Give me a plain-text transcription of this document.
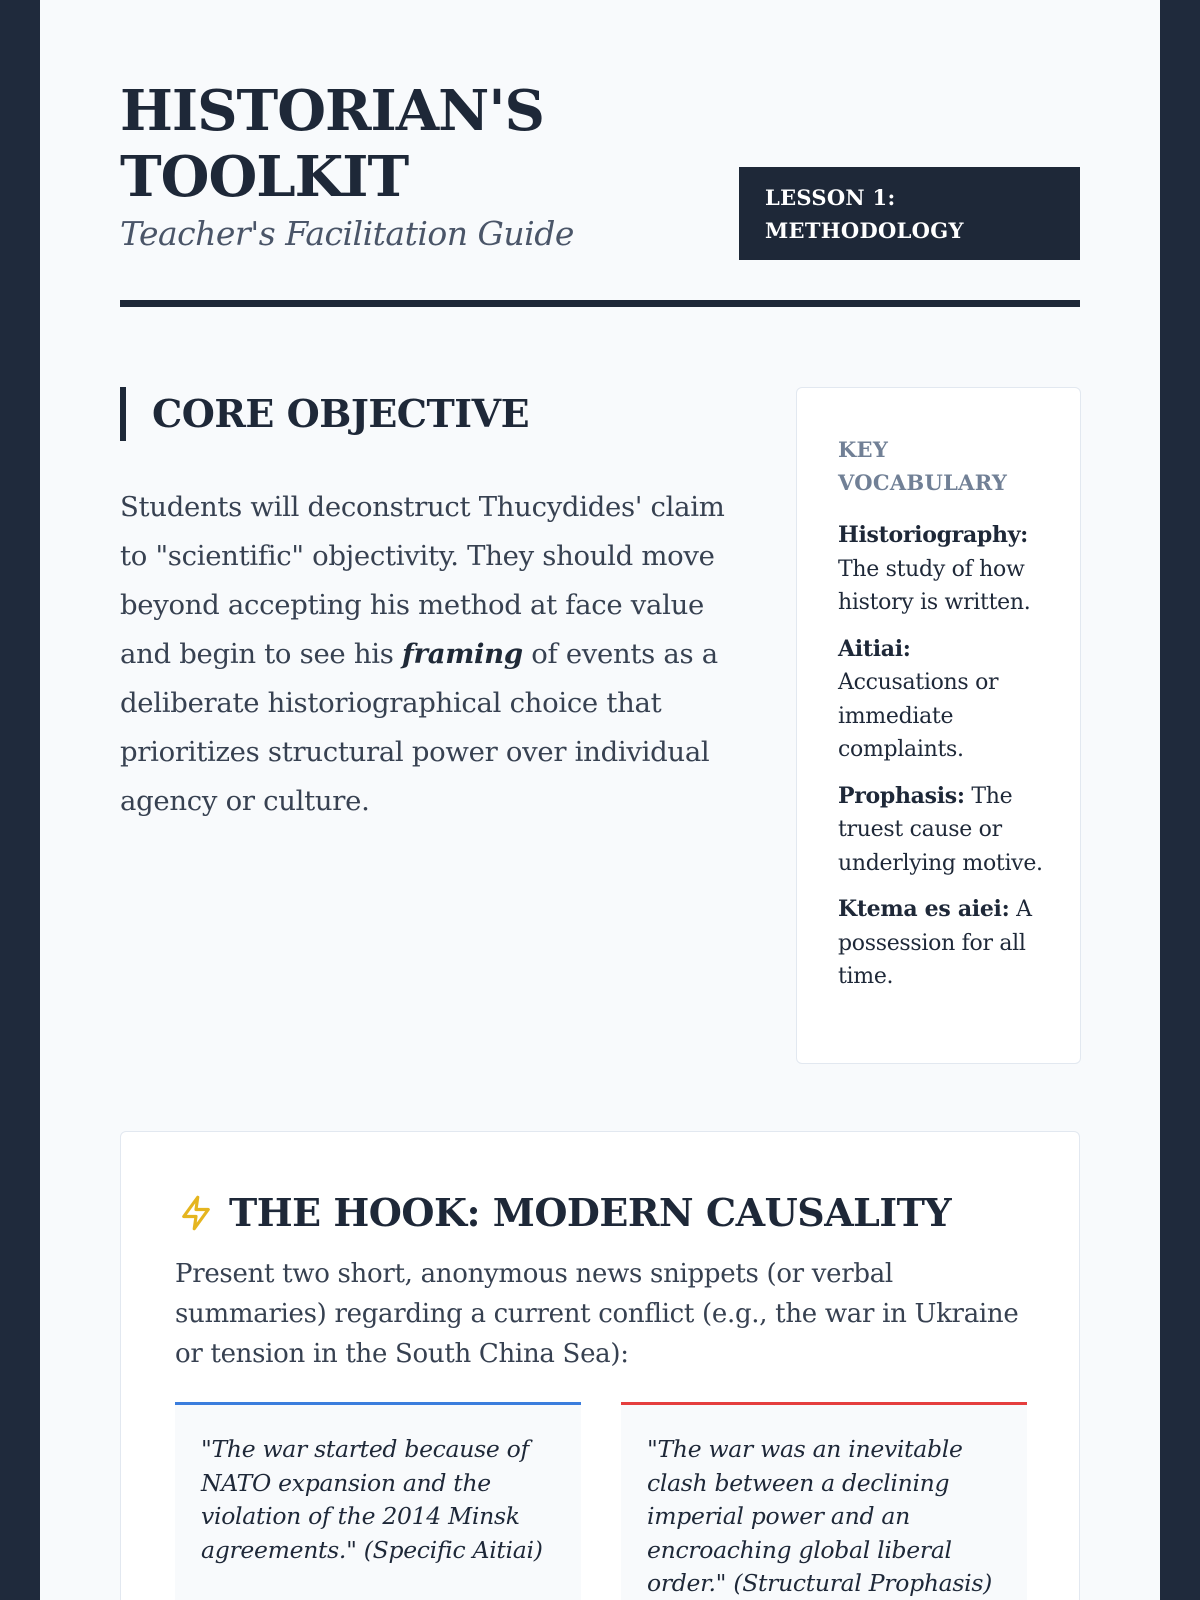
HISTORIAN'S TOOLKIT
Teacher's Facilitation Guide
LESSON 1: METHODOLOGY
CORE OBJECTIVE

Students will deconstruct Thucydides' claim to "scientific" objectivity. They should move beyond accepting his method at face value and begin to see his framing of events as a deliberate historiographical choice that prioritizes structural power over individual agency or culture.

KEY VOCABULARY
Historiography: The study of how history is written.
Aitiai: Accusations or immediate complaints.
Prophasis: The truest cause or underlying motive.
Ktema es aiei: A possession for all time.
THE HOOK: MODERN CAUSALITY

Present two short, anonymous news snippets (or verbal summaries) regarding a current conflict (e.g., the war in Ukraine or tension in the South China Sea):

"The war started because of NATO expansion and the violation of the 2014 Minsk agreements." (Specific Aitiai)
"The war was an inevitable clash between a declining imperial power and an encroaching global liberal order." (Structural Prophasis)
